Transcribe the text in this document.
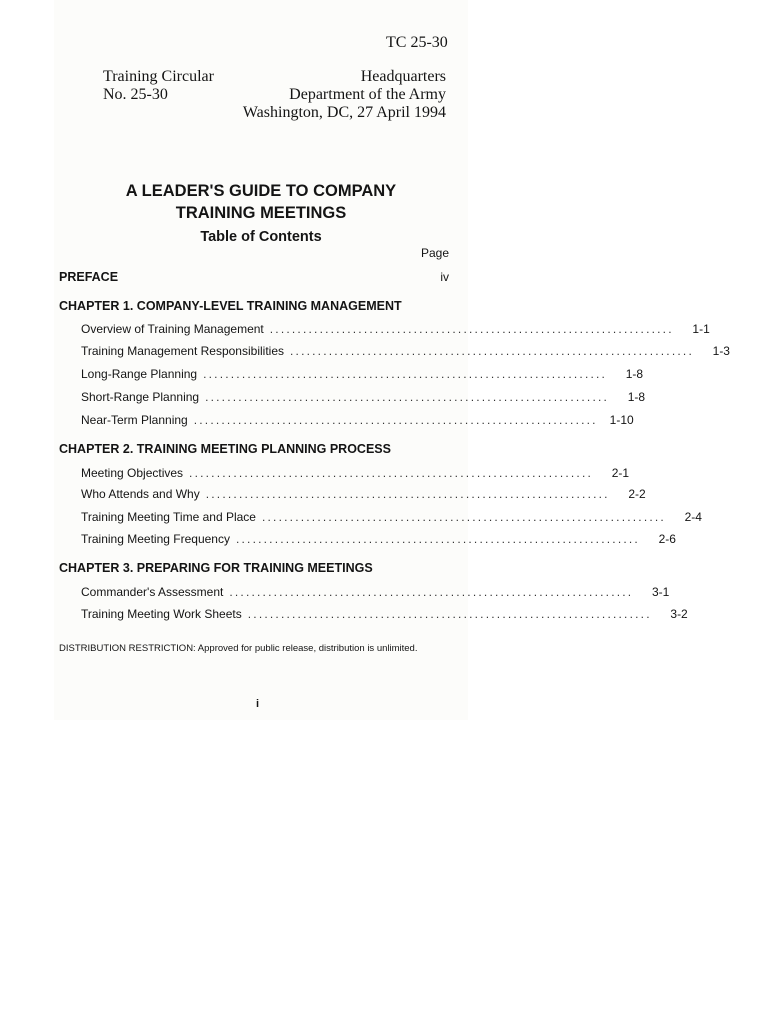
TC 25-30
Training Circular
No. 25-30
Headquarters
Department of the Army
Washington, DC, 27 April 1994
A LEADER'S GUIDE TO COMPANY
TRAINING MEETINGS
Table of Contents
Page
PREFACE	iv
CHAPTER 1. COMPANY-LEVEL TRAINING MANAGEMENT
Overview of Training Management .........................................................................	1-1
Training Management Responsibilities .........................................................................	1-3
Long-Range Planning .........................................................................	1-8
Short-Range Planning .........................................................................	1-8
Near-Term Planning ......................................................................... 1-10
CHAPTER 2. TRAINING MEETING PLANNING PROCESS
Meeting Objectives .........................................................................	2-1
Who Attends and Why .........................................................................	2-2
Training Meeting Time and Place .........................................................................	2-4
Training Meeting Frequency .........................................................................	2-6
CHAPTER 3. PREPARING FOR TRAINING MEETINGS
Commander's Assessment .........................................................................	3-1
Training Meeting Work Sheets .........................................................................	3-2
DISTRIBUTION RESTRICTION: Approved for public release, distribution is unlimited.
i
